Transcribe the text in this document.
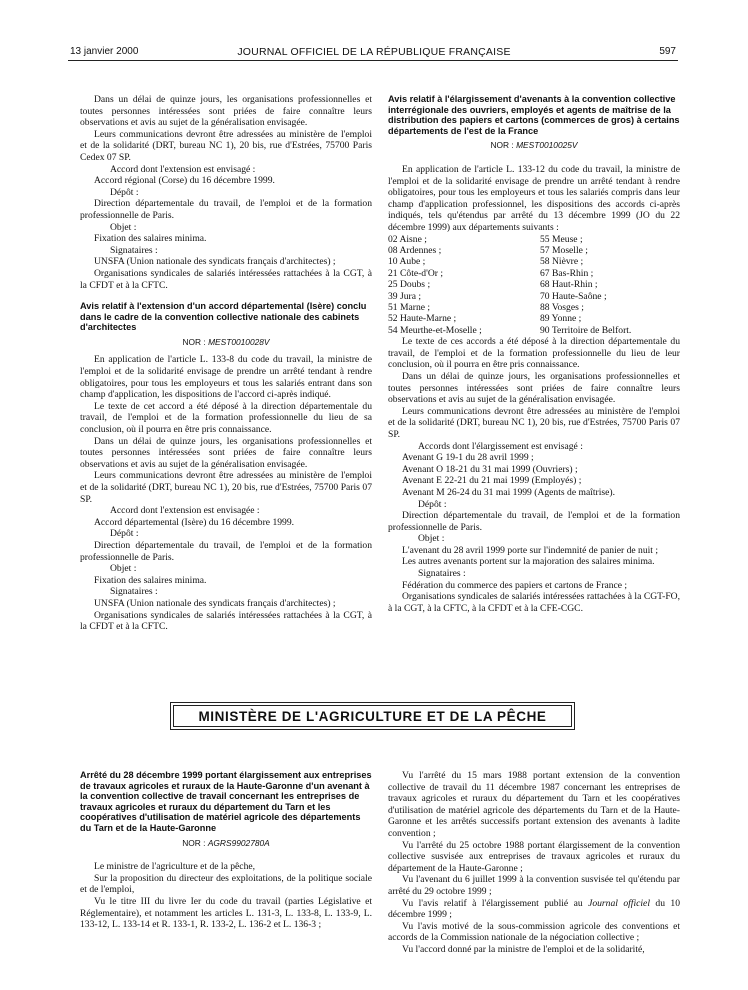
13 janvier 2000	JOURNAL OFFICIEL DE LA RÉPUBLIQUE FRANÇAISE	597

Dans un délai de quinze jours, les organisations professionnelles et toutes personnes intéressées sont priées de faire connaître leurs observations et avis au sujet de la généralisation envisagée.

Leurs communications devront être adressées au ministère de l'emploi et de la solidarité (DRT, bureau NC 1), 20 bis, rue d'Estrées, 75700 Paris Cedex 07 SP.

Accord dont l'extension est envisagé :

Accord régional (Corse) du 16 décembre 1999.

Dépôt :

Direction départementale du travail, de l'emploi et de la formation professionnelle de Paris.

Objet :

Fixation des salaires minima.

Signataires :

UNSFA (Union nationale des syndicats français d'architectes) ;

Organisations syndicales de salariés intéressées rattachées à la CGT, à la CFDT et à la CFTC.

Avis relatif à l'extension d'un accord départemental (Isère) conclu dans le cadre de la convention collective nationale des cabinets d'architectes

NOR : MEST0010028V

En application de l'article L. 133-8 du code du travail, la ministre de l'emploi et de la solidarité envisage de prendre un arrêté tendant à rendre obligatoires, pour tous les employeurs et tous les salariés entrant dans son champ d'application, les dispositions de l'accord ci-après indiqué.

Le texte de cet accord a été déposé à la direction départementale du travail, de l'emploi et de la formation professionnelle du lieu de sa conclusion, où il pourra en être pris connaissance.

Dans un délai de quinze jours, les organisations professionnelles et toutes personnes intéressées sont priées de faire connaître leurs observations et avis au sujet de la généralisation envisagée.

Leurs communications devront être adressées au ministère de l'emploi et de la solidarité (DRT, bureau NC 1), 20 bis, rue d'Estrées, 75700 Paris 07 SP.

Accord dont l'extension est envisagée :

Accord départemental (Isère) du 16 décembre 1999.

Dépôt :

Direction départementale du travail, de l'emploi et de la formation professionnelle de Paris.

Objet :

Fixation des salaires minima.

Signataires :

UNSFA (Union nationale des syndicats français d'architectes) ;

Organisations syndicales de salariés intéressées rattachées à la CGT, à la CFDT et à la CFTC.

Avis relatif à l'élargissement d'avenants à la convention collective interrégionale des ouvriers, employés et agents de maîtrise de la distribution des papiers et cartons (commerces de gros) à certains départements de l'est de la France

NOR : MEST0010025V

En application de l'article L. 133-12 du code du travail, la ministre de l'emploi et de la solidarité envisage de prendre un arrêté tendant à rendre obligatoires, pour tous les employeurs et tous les salariés compris dans leur champ d'application professionnel, les dispositions des accords ci-après indiqués, tels qu'étendus par arrêté du 13 décembre 1999 (JO du 22 décembre 1999) aux départements suivants :

02 Aisne ;
08 Ardennes ;
10 Aube ;
21 Côte-d'Or ;
25 Doubs ;
39 Jura ;
51 Marne ;
52 Haute-Marne ;
54 Meurthe-et-Moselle ;
55 Meuse ;
57 Moselle ;
58 Nièvre ;
67 Bas-Rhin ;
68 Haut-Rhin ;
70 Haute-Saône ;
88 Vosges ;
89 Yonne ;
90 Territoire de Belfort.

Le texte de ces accords a été déposé à la direction départementale du travail, de l'emploi et de la formation professionnelle du lieu de leur conclusion, où il pourra en être pris connaissance.

Dans un délai de quinze jours, les organisations professionnelles et toutes personnes intéressées sont priées de faire connaître leurs observations et avis au sujet de la généralisation envisagée.

Leurs communications devront être adressées au ministère de l'emploi et de la solidarité (DRT, bureau NC 1), 20 bis, rue d'Estrées, 75700 Paris 07 SP.

Accords dont l'élargissement est envisagé :

Avenant G 19-1 du 28 avril 1999 ;

Avenant O 18-21 du 31 mai 1999 (Ouvriers) ;

Avenant E 22-21 du 21 mai 1999 (Employés) ;

Avenant M 26-24 du 31 mai 1999 (Agents de maîtrise).

Dépôt :

Direction départementale du travail, de l'emploi et de la formation professionnelle de Paris.

Objet :

L'avenant du 28 avril 1999 porte sur l'indemnité de panier de nuit ;

Les autres avenants portent sur la majoration des salaires minima.

Signataires :

Fédération du commerce des papiers et cartons de France ;

Organisations syndicales de salariés intéressées rattachées à la CGT-FO, à la CGT, à la CFTC, à la CFDT et à la CFE-CGC.

MINISTÈRE DE L'AGRICULTURE ET DE LA PÊCHE

Arrêté du 28 décembre 1999 portant élargissement aux entreprises de travaux agricoles et ruraux de la Haute-Garonne d'un avenant à la convention collective de travail concernant les entreprises de travaux agricoles et ruraux du département du Tarn et les coopératives d'utilisation de matériel agricole des départements du Tarn et de la Haute-Garonne

NOR : AGRS9902780A

Le ministre de l'agriculture et de la pêche,

Sur la proposition du directeur des exploitations, de la politique sociale et de l'emploi,

Vu le titre III du livre Ier du code du travail (parties Législative et Réglementaire), et notamment les articles L. 131-3, L. 133-8, L. 133-9, L. 133-12, L. 133-14 et R. 133-1, R. 133-2, L. 136-2 et L. 136-3 ;

Vu l'arrêté du 15 mars 1988 portant extension de la convention collective de travail du 11 décembre 1987 concernant les entreprises de travaux agricoles et ruraux du département du Tarn et les coopératives d'utilisation de matériel agricole des départements du Tarn et de la Haute-Garonne et les arrêtés successifs portant extension des avenants à ladite convention ;

Vu l'arrêté du 25 octobre 1988 portant élargissement de la convention collective susvisée aux entreprises de travaux agricoles et ruraux du département de la Haute-Garonne ;

Vu l'avenant du 6 juillet 1999 à la convention susvisée tel qu'étendu par arrêté du 29 octobre 1999 ;

Vu l'avis relatif à l'élargissement publié au Journal officiel du 10 décembre 1999 ;

Vu l'avis motivé de la sous-commission agricole des conventions et accords de la Commission nationale de la négociation collective ;

Vu l'accord donné par la ministre de l'emploi et de la solidarité,
